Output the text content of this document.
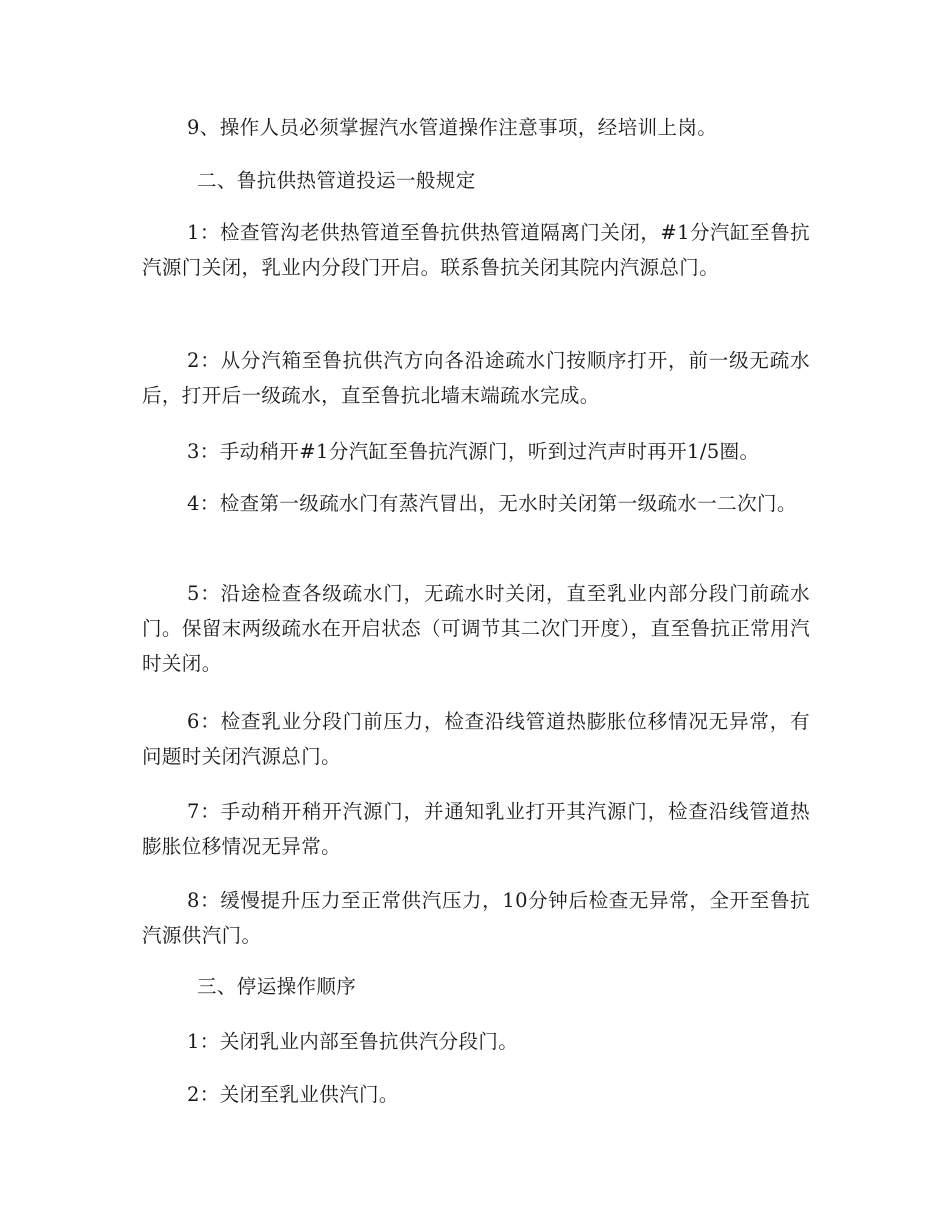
9、操作人员必须掌握汽水管道操作注意事项，经培训上岗。

二、鲁抗供热管道投运一般规定

1：检查管沟老供热管道至鲁抗供热管道隔离门关闭，#1分汽缸至鲁抗汽源门关闭，乳业内分段门开启。联系鲁抗关闭其院内汽源总门。

2：从分汽箱至鲁抗供汽方向各沿途疏水门按顺序打开，前一级无疏水后，打开后一级疏水，直至鲁抗北墙末端疏水完成。

3：手动稍开#1分汽缸至鲁抗汽源门，听到过汽声时再开1/5圈。

4：检查第一级疏水门有蒸汽冒出，无水时关闭第一级疏水一二次门。

5：沿途检查各级疏水门，无疏水时关闭，直至乳业内部分段门前疏水门。保留末两级疏水在开启状态（可调节其二次门开度），直至鲁抗正常用汽时关闭。

6：检查乳业分段门前压力，检查沿线管道热膨胀位移情况无异常，有问题时关闭汽源总门。

7：手动稍开稍开汽源门，并通知乳业打开其汽源门，检查沿线管道热膨胀位移情况无异常。

8：缓慢提升压力至正常供汽压力，10分钟后检查无异常，全开至鲁抗汽源供汽门。

三、停运操作顺序

1：关闭乳业内部至鲁抗供汽分段门。

2：关闭至乳业供汽门。
